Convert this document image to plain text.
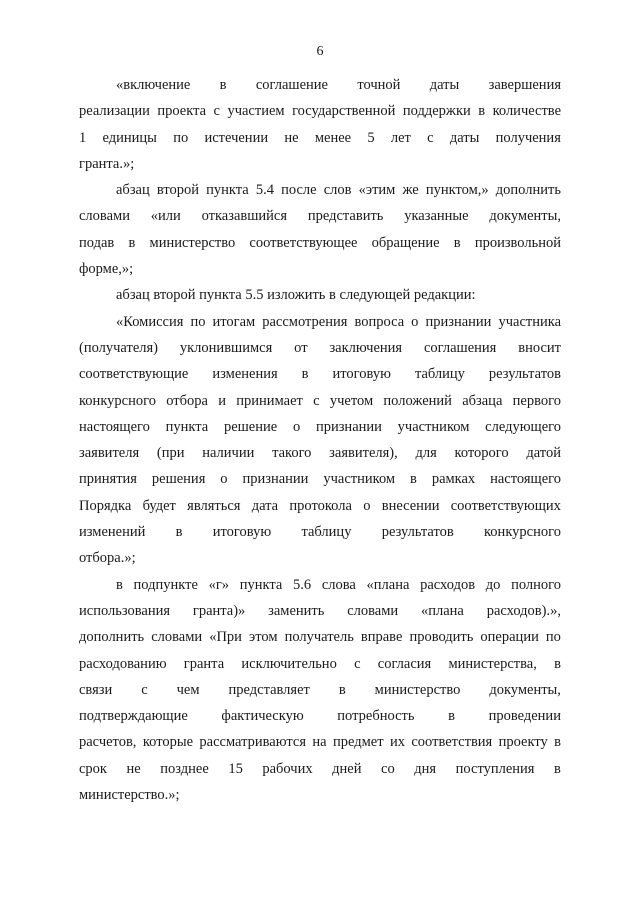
6
«включение в соглашение точной даты завершения
реализации проекта с участием государственной поддержки в количестве
1 единицы по истечении не менее 5 лет с даты получения
гранта.»;
абзац второй пункта 5.4 после слов «этим же пунктом,» дополнить
словами «или отказавшийся представить указанные документы,
подав в министерство соответствующее обращение в произвольной
форме,»;
абзац второй пункта 5.5 изложить в следующей редакции:
«Комиссия по итогам рассмотрения вопроса о признании участника
(получателя) уклонившимся от заключения соглашения вносит
соответствующие изменения в итоговую таблицу результатов
конкурсного отбора и принимает с учетом положений абзаца первого
настоящего пункта решение о признании участником следующего
заявителя (при наличии такого заявителя), для которого датой
принятия решения о признании участником в рамках настоящего
Порядка будет являться дата протокола о внесении соответствующих
изменений в итоговую таблицу результатов конкурсного
отбора.»;
в подпункте «г» пункта 5.6 слова «плана расходов до полного
использования гранта)» заменить словами «плана расходов).»,
дополнить словами «При этом получатель вправе проводить операции по
расходованию гранта исключительно с согласия министерства, в
связи с чем представляет в министерство документы,
подтверждающие фактическую потребность в проведении
расчетов, которые рассматриваются на предмет их соответствия проекту в
срок не позднее 15 рабочих дней со дня поступления в
министерство.»;
